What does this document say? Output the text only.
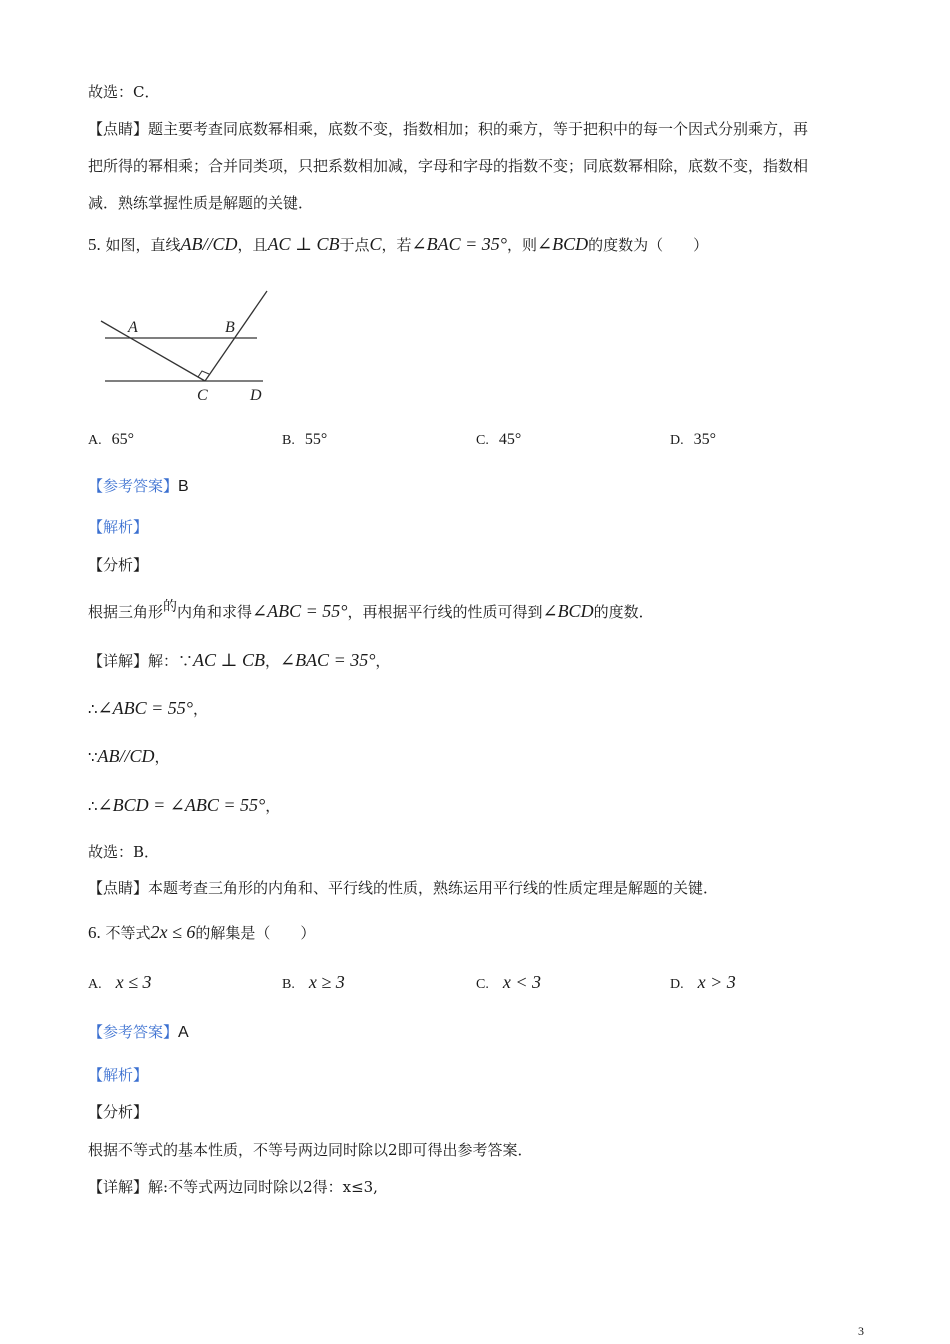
故选：C．
【点睛】题主要考查同底数幂相乘，底数不变，指数相加；积的乘方，等于把积中的每一个因式分别乘方，再
把所得的幂相乘；合并同类项，只把系数相加减，字母和字母的指数不变；同底数幂相除，底数不变，指数相
减．熟练掌握性质是解题的关键．
5. 如图，直线AB//CD，且AC ⊥ CB于点C，若∠BAC = 35°，则∠BCD的度数为（　　）
A	B
C	D
A. 65°	B. 55°	C. 45°	D. 35°
【参考答案】B
【解析】
【分析】
根据三角形的内角和求得∠ABC = 55°，再根据平行线的性质可得到∠BCD的度数．
【详解】解：∵AC ⊥ CB，∠BAC = 35°，
∴∠ABC = 55°，
∵AB//CD，
∴∠BCD = ∠ABC = 55°，
故选：B．
【点睛】本题考查三角形的内角和、平行线的性质，熟练运用平行线的性质定理是解题的关键．
6. 不等式2x ≤ 6的解集是（　　）
A. x ≤ 3	B. x ≥ 3	C. x < 3	D. x > 3
【参考答案】A
【解析】
【分析】
根据不等式的基本性质，不等号两边同时除以2即可得出参考答案．
【详解】解:不等式两边同时除以2得：x≤3,
3
